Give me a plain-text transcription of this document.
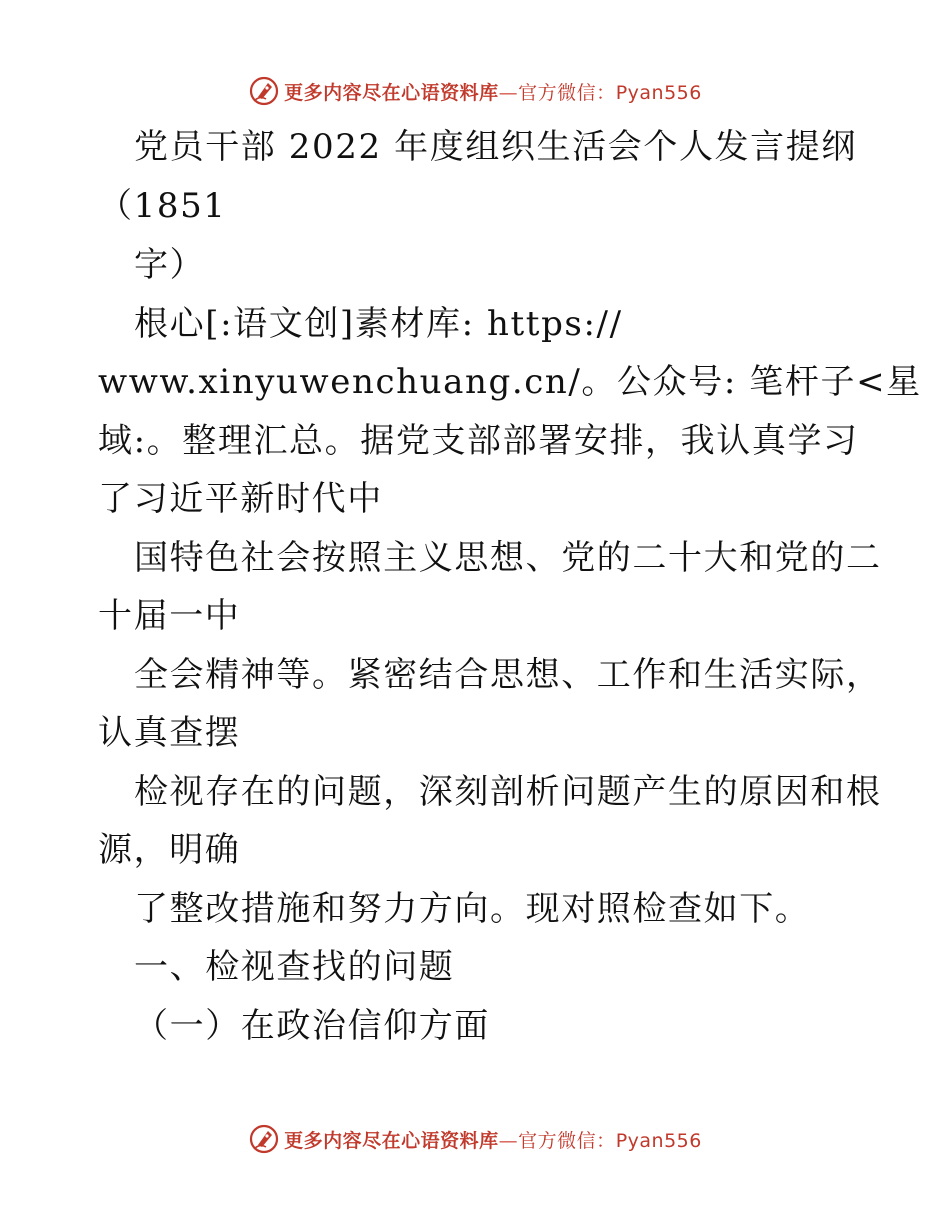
更多内容尽在心语资料库—官方微信：Pyan556
党员干部 2022 年度组织生活会个人发言提纲
（1851
字）
根心[:语文创]素材库: https://
www.xinyuwenchuang.cn/。公众号: 笔杆子<星
域:。整理汇总。据党支部部署安排，我认真学习
了习近平新时代中
国特色社会按照主义思想、党的二十大和党的二
十届一中
全会精神等。紧密结合思想、工作和生活实际，
认真查摆
检视存在的问题，深刻剖析问题产生的原因和根
源，明确
了整改措施和努力方向。现对照检查如下。
一、检视查找的问题
（一）在政治信仰方面
更多内容尽在心语资料库—官方微信：Pyan556
